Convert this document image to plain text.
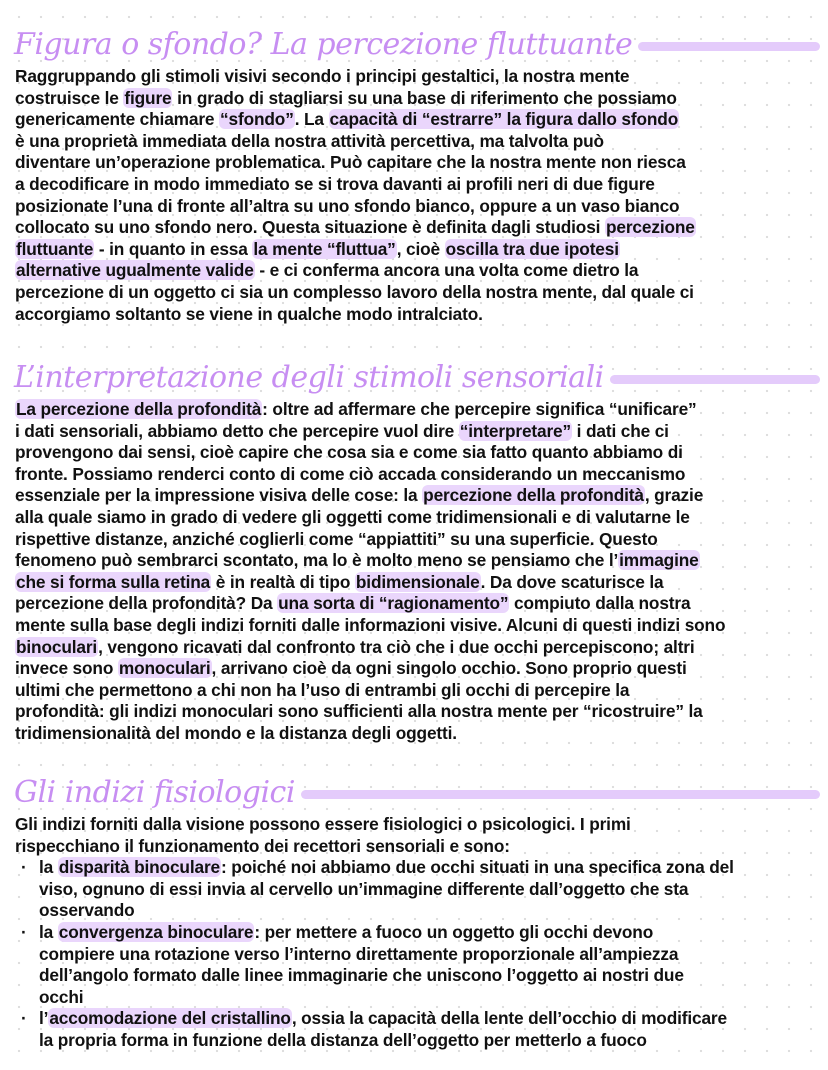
Figura o sfondo? La percezione fluttuante
Raggruppando gli stimoli visivi secondo i principi gestaltici, la nostra mente
costruisce le figure in grado di stagliarsi su una base di riferimento che possiamo
genericamente chiamare “sfondo”. La capacità di “estrarre” la figura dallo sfondo
è una proprietà immediata della nostra attività percettiva, ma talvolta può
diventare un’operazione problematica. Può capitare che la nostra mente non riesca
a decodificare in modo immediato se si trova davanti ai profili neri di due figure
posizionate l’una di fronte all’altra su uno sfondo bianco, oppure a un vaso bianco
collocato su uno sfondo nero. Questa situazione è definita dagli studiosi percezione
fluttuante - in quanto in essa la mente “fluttua”, cioè oscilla tra due ipotesi
alternative ugualmente valide - e ci conferma ancora una volta come dietro la
percezione di un oggetto ci sia un complesso lavoro della nostra mente, dal quale ci
accorgiamo soltanto se viene in qualche modo intralciato.
L’interpretazione degli stimoli sensoriali
La percezione della profondità: oltre ad affermare che percepire significa “unificare”
i dati sensoriali, abbiamo detto che percepire vuol dire “interpretare” i dati che ci
provengono dai sensi, cioè capire che cosa sia e come sia fatto quanto abbiamo di
fronte. Possiamo renderci conto di come ciò accada considerando un meccanismo
essenziale per la impressione visiva delle cose: la percezione della profondità, grazie
alla quale siamo in grado di vedere gli oggetti come tridimensionali e di valutarne le
rispettive distanze, anziché coglierli come “appiattiti” su una superficie. Questo
fenomeno può sembrarci scontato, ma lo è molto meno se pensiamo che l’immagine
che si forma sulla retina è in realtà di tipo bidimensionale. Da dove scaturisce la
percezione della profondità? Da una sorta di “ragionamento” compiuto dalla nostra
mente sulla base degli indizi forniti dalle informazioni visive. Alcuni di questi indizi sono
binoculari, vengono ricavati dal confronto tra ciò che i due occhi percepiscono; altri
invece sono monoculari, arrivano cioè da ogni singolo occhio. Sono proprio questi
ultimi che permettono a chi non ha l’uso di entrambi gli occhi di percepire la
profondità: gli indizi monoculari sono sufficienti alla nostra mente per “ricostruire” la
tridimensionalità del mondo e la distanza degli oggetti.
Gli indizi fisiologici
Gli indizi forniti dalla visione possono essere fisiologici o psicologici. I primi
rispecchiano il funzionamento dei recettori sensoriali e sono:
· la disparità binoculare: poiché noi abbiamo due occhi situati in una specifica zona del
viso, ognuno di essi invia al cervello un’immagine differente dall’oggetto che sta
osservando
· la convergenza binoculare: per mettere a fuoco un oggetto gli occhi devono
compiere una rotazione verso l’interno direttamente proporzionale all’ampiezza
dell’angolo formato dalle linee immaginarie che uniscono l’oggetto ai nostri due
occhi
· l’accomodazione del cristallino, ossia la capacità della lente dell’occhio di modificare
la propria forma in funzione della distanza dell’oggetto per metterlo a fuoco
